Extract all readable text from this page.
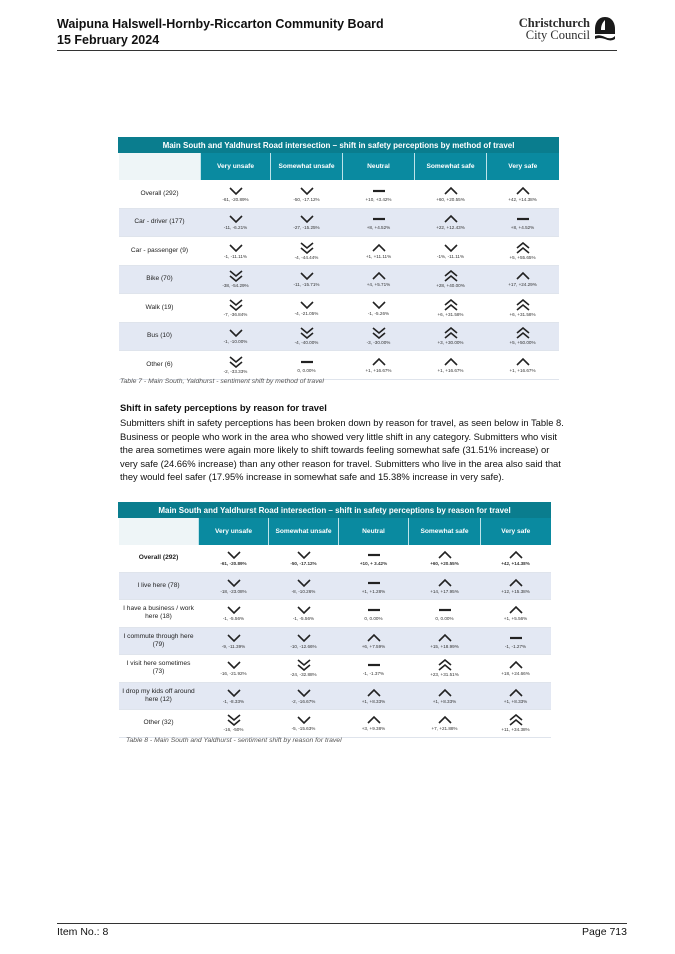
Waipuna Halswell-Hornby-Riccarton Community Board
15 February 2024
Christchurch
City Council
Main South and Yaldhurst Road intersection – shift in safety perceptions by method of travel					
	Very unsafe	Somewhat unsafe	Neutral	Somewhat safe	Very safe
Overall (292)	-61, -20.89%	-50, -17.12%	+10, +3.42%	+60, +20.55%	+42, +14.38%

Car - driver (177)	-11, -6.21%	-27, -15.25%	+8, +4.52%	+22, +12.43%	+8, +4.52%

Car - passenger (9)	-1, -11.11%	-4, -44.44%	+1, +11.11%	-1%, -11.11%	+5, +55.65%

Bike (70)	-38, -54.29%	-11, -15.71%	+4, +5.71%	+28, +40.00%	+17, +24.29%

Walk (19)	-7, -36.84%	-4, -21.05%	-1, -5.26%	+6, +31.58%	+6, +31.58%

Bus (10)	-1, -10.00%	-4, -40.00%	-3, -30.00%	+3, +30.00%	+5, +50.00%

Other (6)	-2, -33.33%	0, 0.00%	+1, +16.67%	+1, +16.67%	+1, +16.67%
Table 7 - Main South, Yaldhurst - sentiment shift by method of travel
Shift in safety perceptions by reason for travel

Submitters shift in safety perceptions has been broken down by reason for travel, as seen below in Table 8. Business or people who work in the area who showed very little shift in any category. Submitters who visit the area sometimes were again more likely to shift towards feeling somewhat safe (31.51% increase) or very safe (24.66% increase) than any other reason for travel. Submitters who live in the area also said that they would feel safer (17.95% increase in somewhat safe and 15.38% increase in very safe).

Main South and Yaldhurst Road intersection – shift in safety perceptions by reason for travel					
	Very unsafe	Somewhat unsafe	Neutral	Somewhat safe	Very safe
Overall (292)	-61, -20.89%	-50, -17.12%	+10, + 3.42%	+60, +20.55%	+42, +14.38%

I live here (78)	-18, -23.08%	-8, -10.26%	+1, +1.28%	+14, +17.95%	+12, +15.38%

I have a business / work here (18)	-1, -5.56%	-1, -5.56%	0, 0.00%	0, 0.00%	+1, +5.56%

I commute through here (79)	-9, -11.39%	-10, -12.66%	+6, +7.59%	+15, +18.99%	-1, -1.27%

I visit here sometimes (73)	-16, -21.92%	-24, -32.88%	-1, -1.37%	+23, +31.51%	+18, +24.66%

I drop my kids off around here (12)	-1, -8.33%	-2, -16.67%	+1, +8.33%	+1, +8.33%	+1, +8.33%

Other (32)	-16, -50%	-5, -15.63%	+3, +9.38%	+7, +21.88%	+11, +34.38%
Table 8 - Main South and Yaldhurst - sentiment shift by reason for travel
Item No.: 8	Page 713
